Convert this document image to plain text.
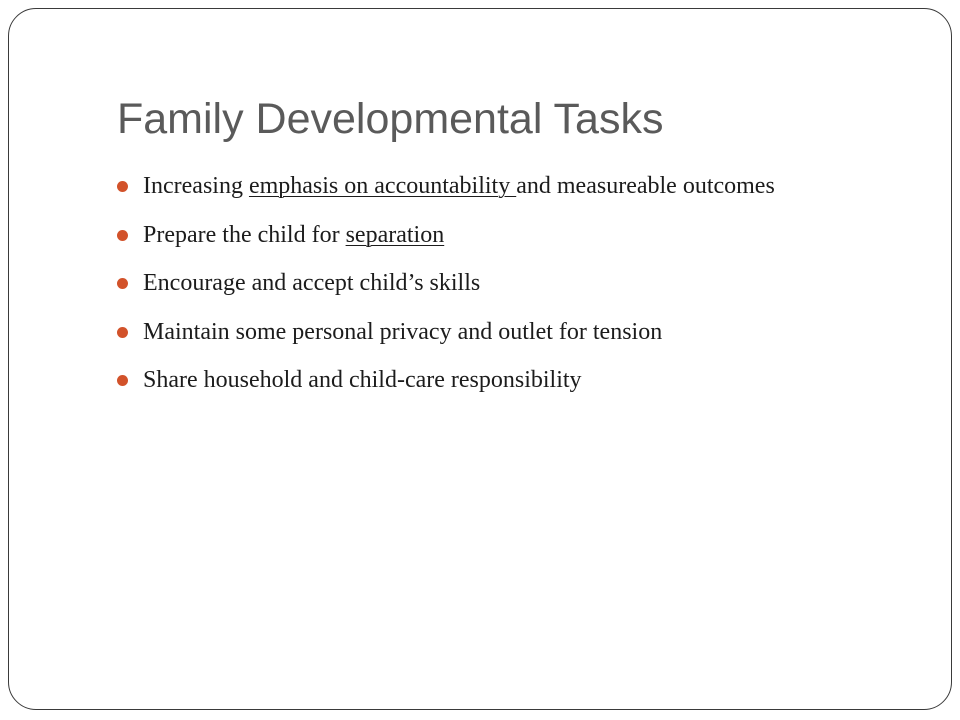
Family Developmental Tasks
Increasing emphasis on accountability and measureable outcomes
Prepare the child for separation
Encourage and accept child’s skills
Maintain some personal privacy and outlet for tension
Share household and child-care responsibility
